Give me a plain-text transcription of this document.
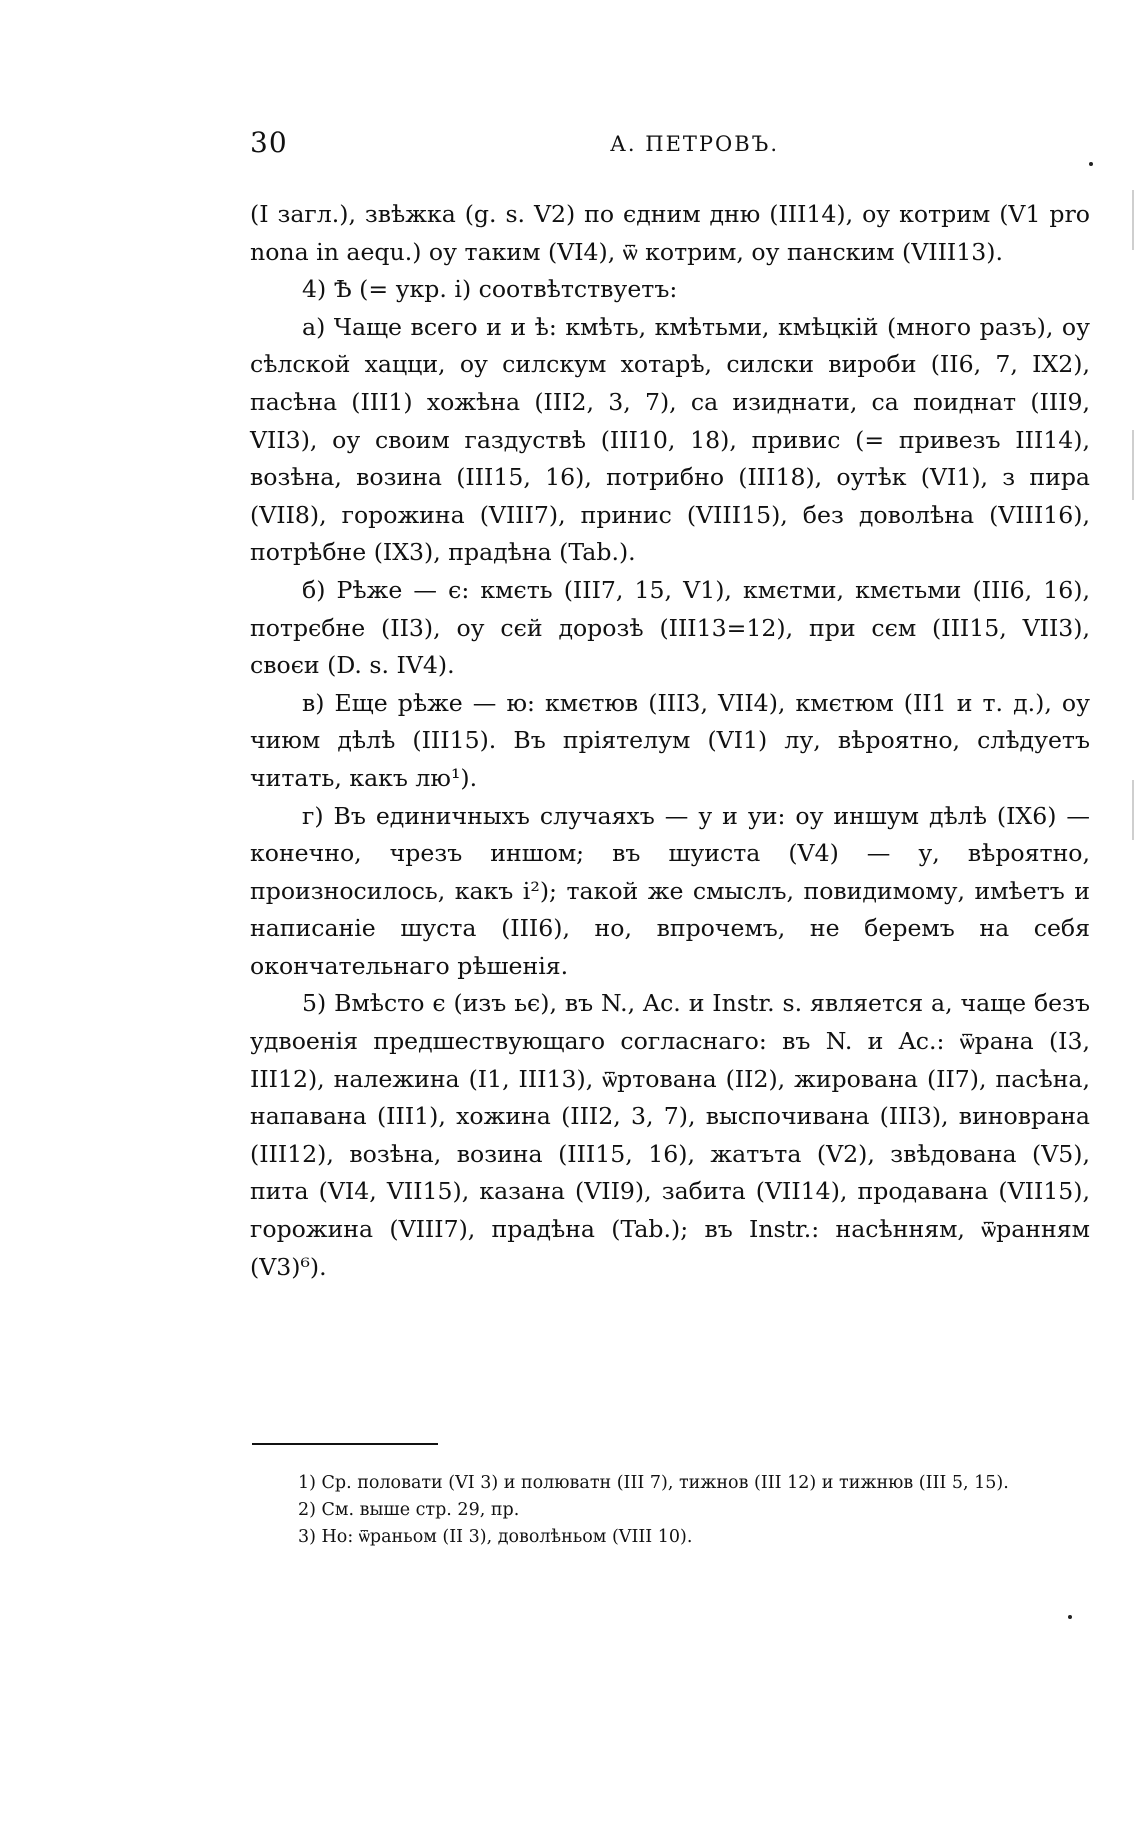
30	А. ПЕТРОВЪ.

(I загл.), звѣжка (g. s. V2) по єдним дню (III14), оу котрим (V1 pro nona in aequ.) оу таким (VI4), ѿ котрим, оу панским (VIII13).

4) Ѣ (= укр. і) соотвѣтствуетъ:

а) Чаще всего и и ѣ: кмѣть, кмѣтьми, кмѣцкій (много разъ), оу сѣлской хацци, оу силскум хотарѣ, силски вироби (II6, 7, IX2), пасѣна (III1) хожѣна (III2, 3, 7), са изиднати, са поиднат (III9, VII3), оу своим газдуствѣ (III10, 18), привис (= привезъ III14), возѣна, возина (III15, 16), потрибно (III18), оутѣк (VI1), з пира (VII8), горожина (VIII7), принис (VIII15), без доволѣна (VIII16), потрѣбне (IX3), прадѣна (Tab.).

б) Рѣже — є: кмєть (III7, 15, V1), кмєтми, кмєтьми (III6, 16), потрєбне (II3), оу сєй дорозѣ (III13=12), при сєм (III15, VII3), своєи (D. s. IV4).

в) Еще рѣже — ю: кмєтюв (III3, VII4), кмєтюм (II1 и т. д.), оу чиюм дѣлѣ (III15). Въ пріятелум (VI1) лу, вѣроятно, слѣдуетъ читать, какъ лю¹).

г) Въ единичныхъ случаяхъ — у и уи: оу иншум дѣлѣ (IX6) — конечно, чрезъ иншом; въ шуиста (V4) — у, вѣроятно, произносилось, какъ і²); такой же смыслъ, повидимому, имѣетъ и написаніе шуста (III6), но, впрочемъ, не беремъ на себя окончательнаго рѣшенія.

5) Вмѣсто є (изъ ьє), въ N., Ac. и Instr. s. является а, чаще безъ удвоенія предшествующаго согласнаго: въ N. и Ac.: ѿрана (I3, III12), належина (I1, III13), ѿртована (II2), жирована (II7), пасѣна, напавана (III1), хожина (III2, 3, 7), выспочивана (III3), виноврана (III12), возѣна, возина (III15, 16), жатъта (V2), звѣдована (V5), пита (VI4, VII15), казана (VII9), забита (VII14), продавана (VII15), горожина (VIII7), прадѣна (Tab.); въ Instr.: насѣнням, ѿранням (V3)⁶).

1) Ср. половати (VI 3) и полюватн (III 7), тижнов (III 12) и тижнюв (III 5, 15).

2) См. выше стр. 29, пр.

3) Но: ѿраньом (II 3), доволѣньом (VIII 10).
